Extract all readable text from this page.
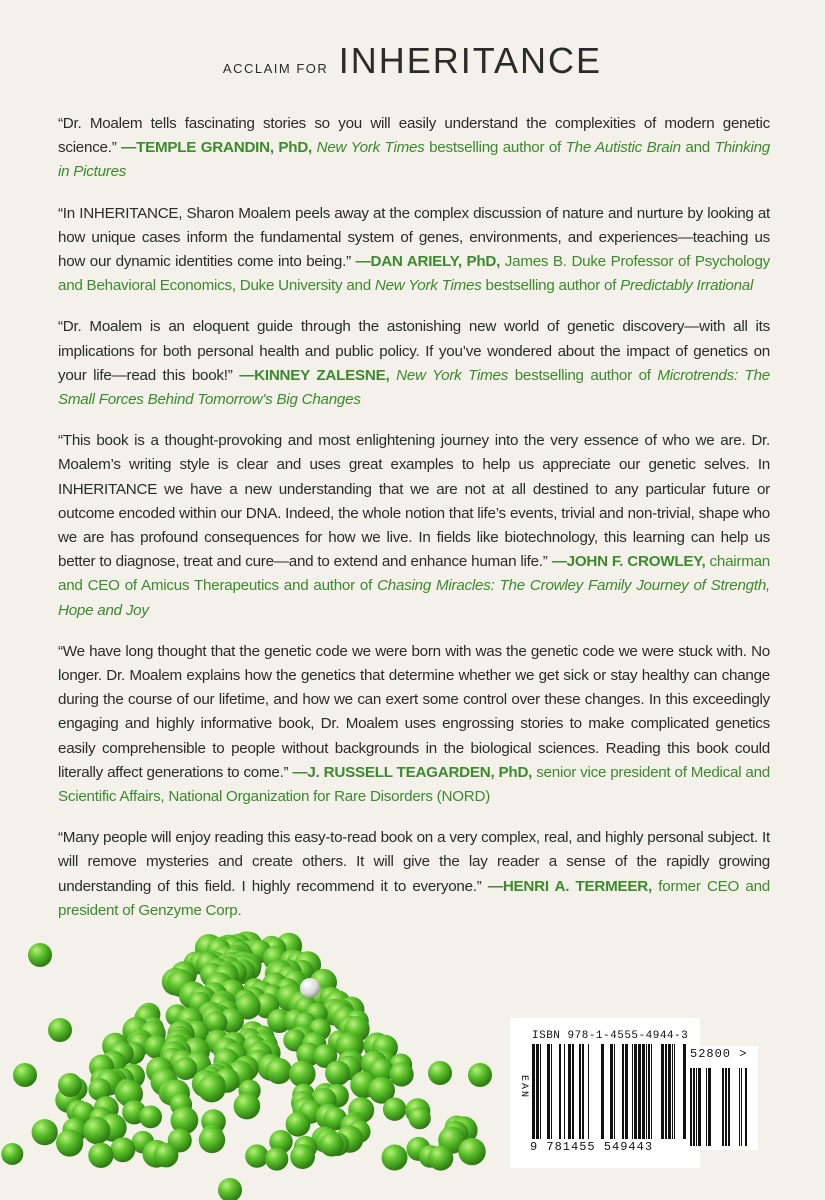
ACCLAIM FOR INHERITANCE
“Dr. Moalem tells fascinating stories so you will easily understand the complexities of modern genetic science.” —TEMPLE GRANDIN, PhD, New York Times bestselling author of The Autistic Brain and Thinking in Pictures
“In INHERITANCE, Sharon Moalem peels away at the complex discussion of nature and nurture by looking at how unique cases inform the fundamental system of genes, environments, and experiences—teaching us how our dynamic identities come into being.” —DAN ARIELY, PhD, James B. Duke Professor of Psychology and Behavioral Economics, Duke University and New York Times bestselling author of Predictably Irrational
“Dr. Moalem is an eloquent guide through the astonishing new world of genetic discovery—with all its implications for both personal health and public policy. If you’ve wondered about the impact of genetics on your life—read this book!” —KINNEY ZALESNE, New York Times bestselling author of Microtrends: The Small Forces Behind Tomorrow’s Big Changes
“This book is a thought-provoking and most enlightening journey into the very essence of who we are. Dr. Moalem’s writing style is clear and uses great examples to help us appreciate our genetic selves. In INHERITANCE we have a new understanding that we are not at all destined to any particular future or outcome encoded within our DNA. Indeed, the whole notion that life’s events, trivial and non-trivial, shape who we are has profound consequences for how we live. In fields like biotechnology, this learning can help us better to diagnose, treat and cure—and to extend and enhance human life.” —JOHN F. CROWLEY, chairman and CEO of Amicus Therapeutics and author of Chasing Miracles: The Crowley Family Journey of Strength, Hope and Joy
“We have long thought that the genetic code we were born with was the genetic code we were stuck with. No longer. Dr. Moalem explains how the genetics that determine whether we get sick or stay healthy can change during the course of our lifetime, and how we can exert some control over these changes. In this exceedingly engaging and highly informative book, Dr. Moalem uses engrossing stories to make complicated genetics easily comprehensible to people without backgrounds in the biological sciences. Reading this book could literally affect generations to come.” —J. RUSSELL TEAGARDEN, PhD, senior vice president of Medical and Scientific Affairs, National Organization for Rare Disorders (NORD)
“Many people will enjoy reading this easy-to-read book on a very complex, real, and highly personal subject. It will remove mysteries and create others. It will give the lay reader a sense of the rapidly growing understanding of this field. I highly recommend it to everyone.” —HENRI A. TERMEER, former CEO and president of Genzyme Corp.
ISBN 978-1-4555-4944-3
EAN
9 781455 549443
52800 >
